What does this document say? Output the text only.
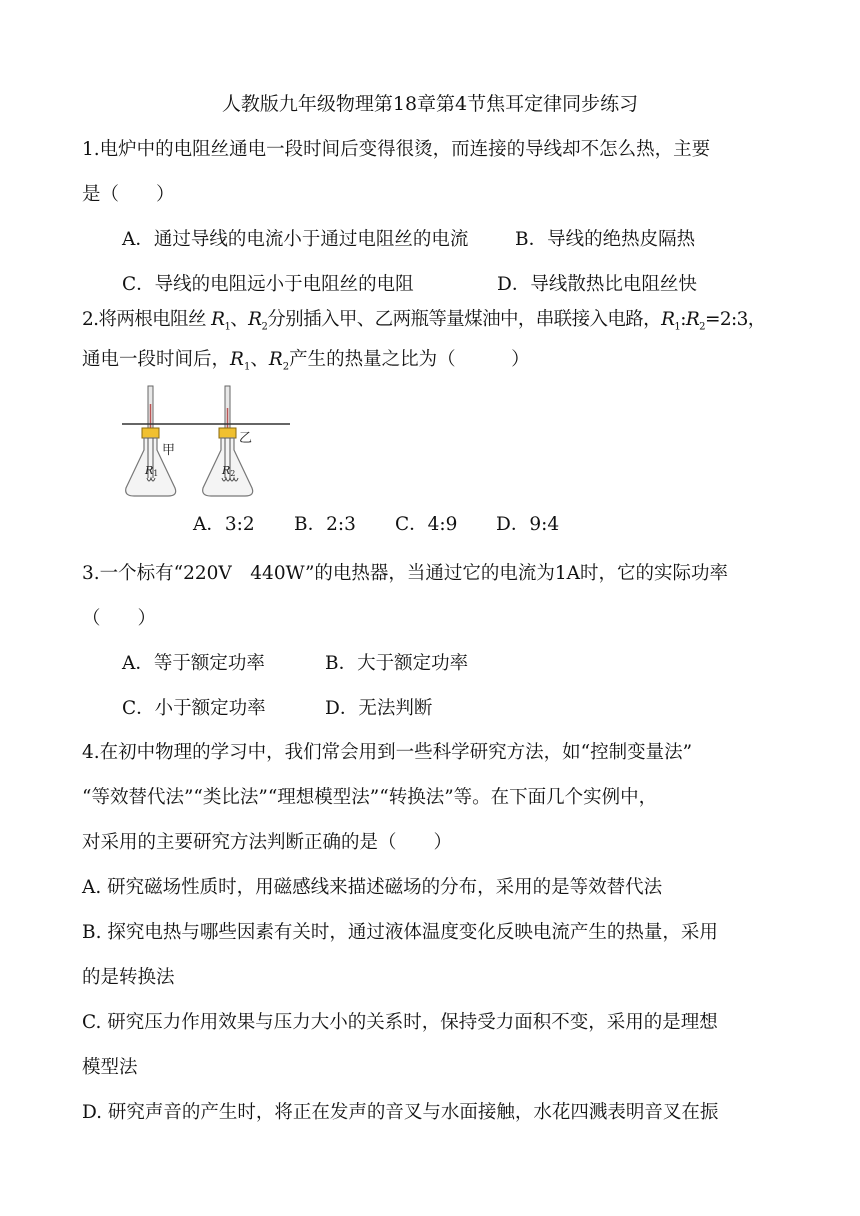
人教版九年级物理第18章第4节焦耳定律同步练习
1.电炉中的电阻丝通电一段时间后变得很烫，而连接的导线却不怎么热，主要
是（　　）
A．通过导线的电流小于通过电阻丝的电流	B．导线的绝热皮隔热
C．导线的电阻远小于电阻丝的电阻	D．导线散热比电阻丝快
2.将两根电阻丝 $R_1$、$R_2$分别插入甲、乙两瓶等量煤油中，串联接入电路，$R_1:R_2=2:3$，
通电一段时间后，$R_1$、$R_2$产生的热量之比为（　　　）
甲
乙
R1	R2
A．3:2 B．2:3 C．4:9 D．9:4
3.一个标有“220V　440W”的电热器，当通过它的电流为1A时，它的实际功率
（　　）
A．等于额定功率	B．大于额定功率
C．小于额定功率	D．无法判断
4.在初中物理的学习中，我们常会用到一些科学研究方法，如“控制变量法”
“等效替代法”“类比法”“理想模型法”“转换法”等。在下面几个实例中，
对采用的主要研究方法判断正确的是（　　）
A. 研究磁场性质时，用磁感线来描述磁场的分布，采用的是等效替代法
B. 探究电热与哪些因素有关时，通过液体温度变化反映电流产生的热量，采用
的是转换法
C. 研究压力作用效果与压力大小的关系时，保持受力面积不变，采用的是理想
模型法
D. 研究声音的产生时，将正在发声的音叉与水面接触，水花四溅表明音叉在振
